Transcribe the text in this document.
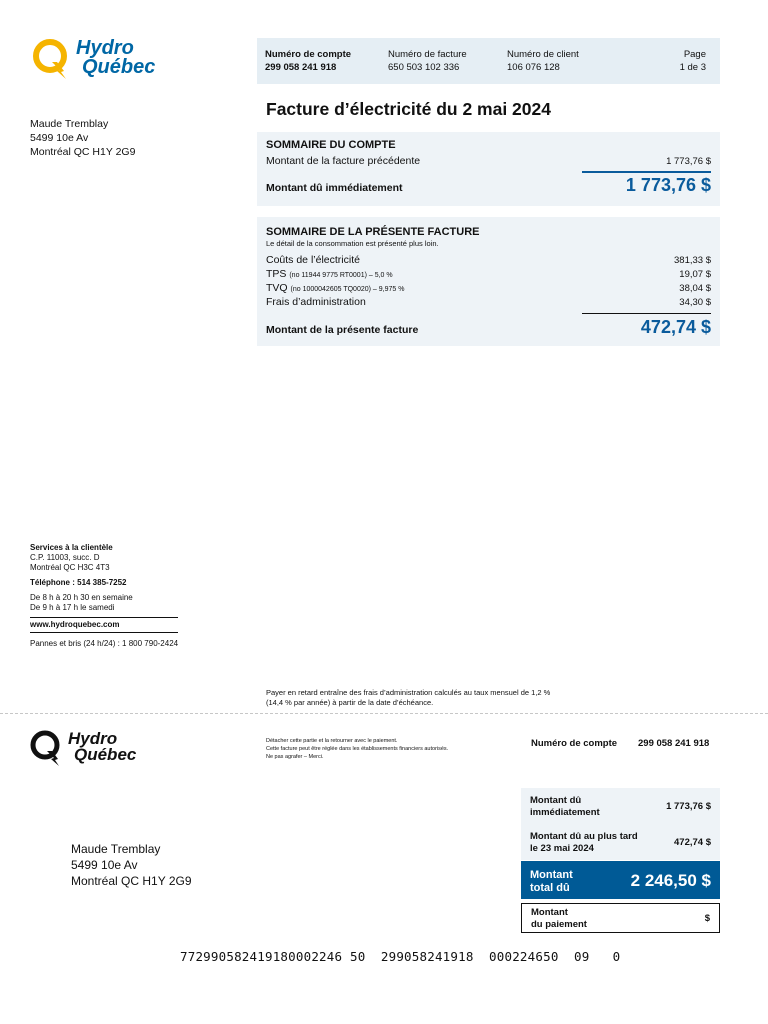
Hydro
Québec
Numéro de compte
299 058 241 918
Numéro de facture
650 503 102 336
Numéro de client
106 076 128
Page
1 de 3
Maude Tremblay
5499 10e Av
Montréal QC H1Y 2G9
Facture d’électricité du 2 mai 2024
SOMMAIRE DU COMPTE
Montant de la facture précédente	1 773,76 $
Montant dû immédiatement	1 773,76 $
SOMMAIRE DE LA PRÉSENTE FACTURE
Le détail de la consommation est présenté plus loin.
Coûts de l’électricité	381,33 $
TPS (no 11944 9775 RT0001) – 5,0 %	19,07 $
TVQ (no 1000042605 TQ0020) – 9,975 %	38,04 $
Frais d’administration	34,30 $
Montant de la présente facture	472,74 $
Services à la clientèle
C.P. 11003, succ. D
Montréal QC H3C 4T3
Téléphone : 514 385-7252
De 8 h à 20 h 30 en semaine
De 9 h à 17 h le samedi
www.hydroquebec.com
Pannes et bris (24 h/24) : 1 800 790-2424
Payer en retard entraîne des frais d’administration calculés au taux mensuel de 1,2 %
(14,4 % par année) à partir de la date d’échéance.
Hydro
Québec
Détacher cette partie et la retourner avec le paiement.
Cette facture peut être réglée dans les établissements financiers autorisés.
Ne pas agrafer – Merci.
Numéro de compte 299 058 241 918
Maude Tremblay
5499 10e Av
Montréal QC H1Y 2G9
Montant dû
immédiatement
1 773,76 $
Montant dû au plus tard
le 23 mai 2024
472,74 $
Montant
total dû	2 246,50 $
Montant
du paiement
$
772990582419180002246 50  299058241918  000224650  09   0
